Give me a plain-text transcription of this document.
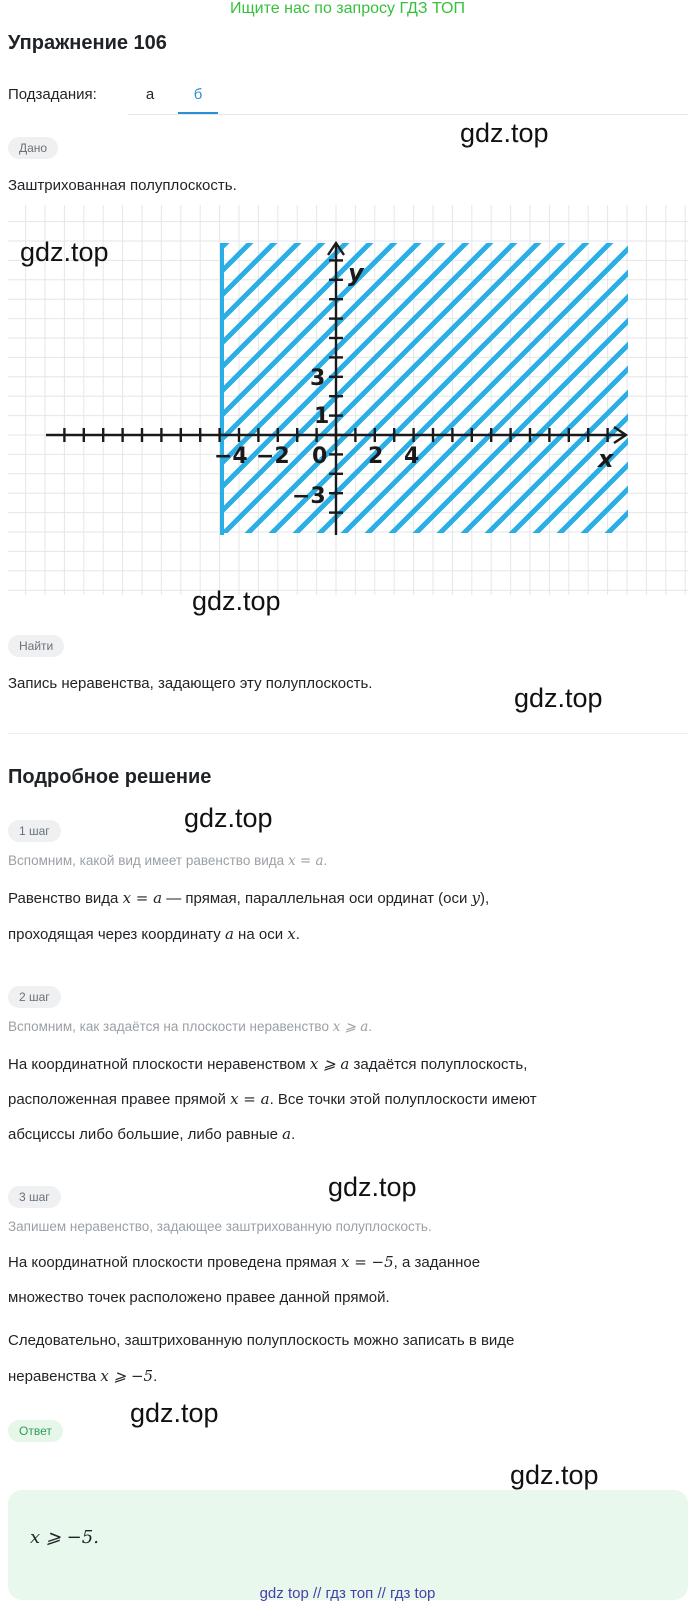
Ищите нас по запросу ГДЗ ТОП
Упражнение 106
Подзадания:	а	б
Дано	gdz.top
Заштрихованная полуплоскость.
x
y
−4 −2 0 2 4
3
1
−3
gdz.top
gdz.top
Найти
Запись неравенства, задающего эту полуплоскость.	gdz.top
Подробное решение
gdz.top
1 шаг
Вспомним, какой вид имеет равенство вида x = a.
Равенство вида x = a — прямая, параллельная оси ординат (оси y),
проходящая через координату a на оси x.
2 шаг
Вспомним, как задаётся на плоскости неравенство x ⩾ a.
На координатной плоскости неравенством x ⩾ a задаётся полуплоскость,
расположенная правее прямой x = a. Все точки этой полуплоскости имеют
абсциссы либо большие, либо равные a.
3 шаг	gdz.top
Запишем неравенство, задающее заштрихованную полуплоскость.
На координатной плоскости проведена прямая x = −5, а заданное
множество точек расположено правее данной прямой.
Следовательно, заштрихованную полуплоскость можно записать в виде
неравенства x ⩾ −5.
Ответ
gdz.top
x ⩾ −5.
gdz.top
gdz top // гдз топ // гдз top
